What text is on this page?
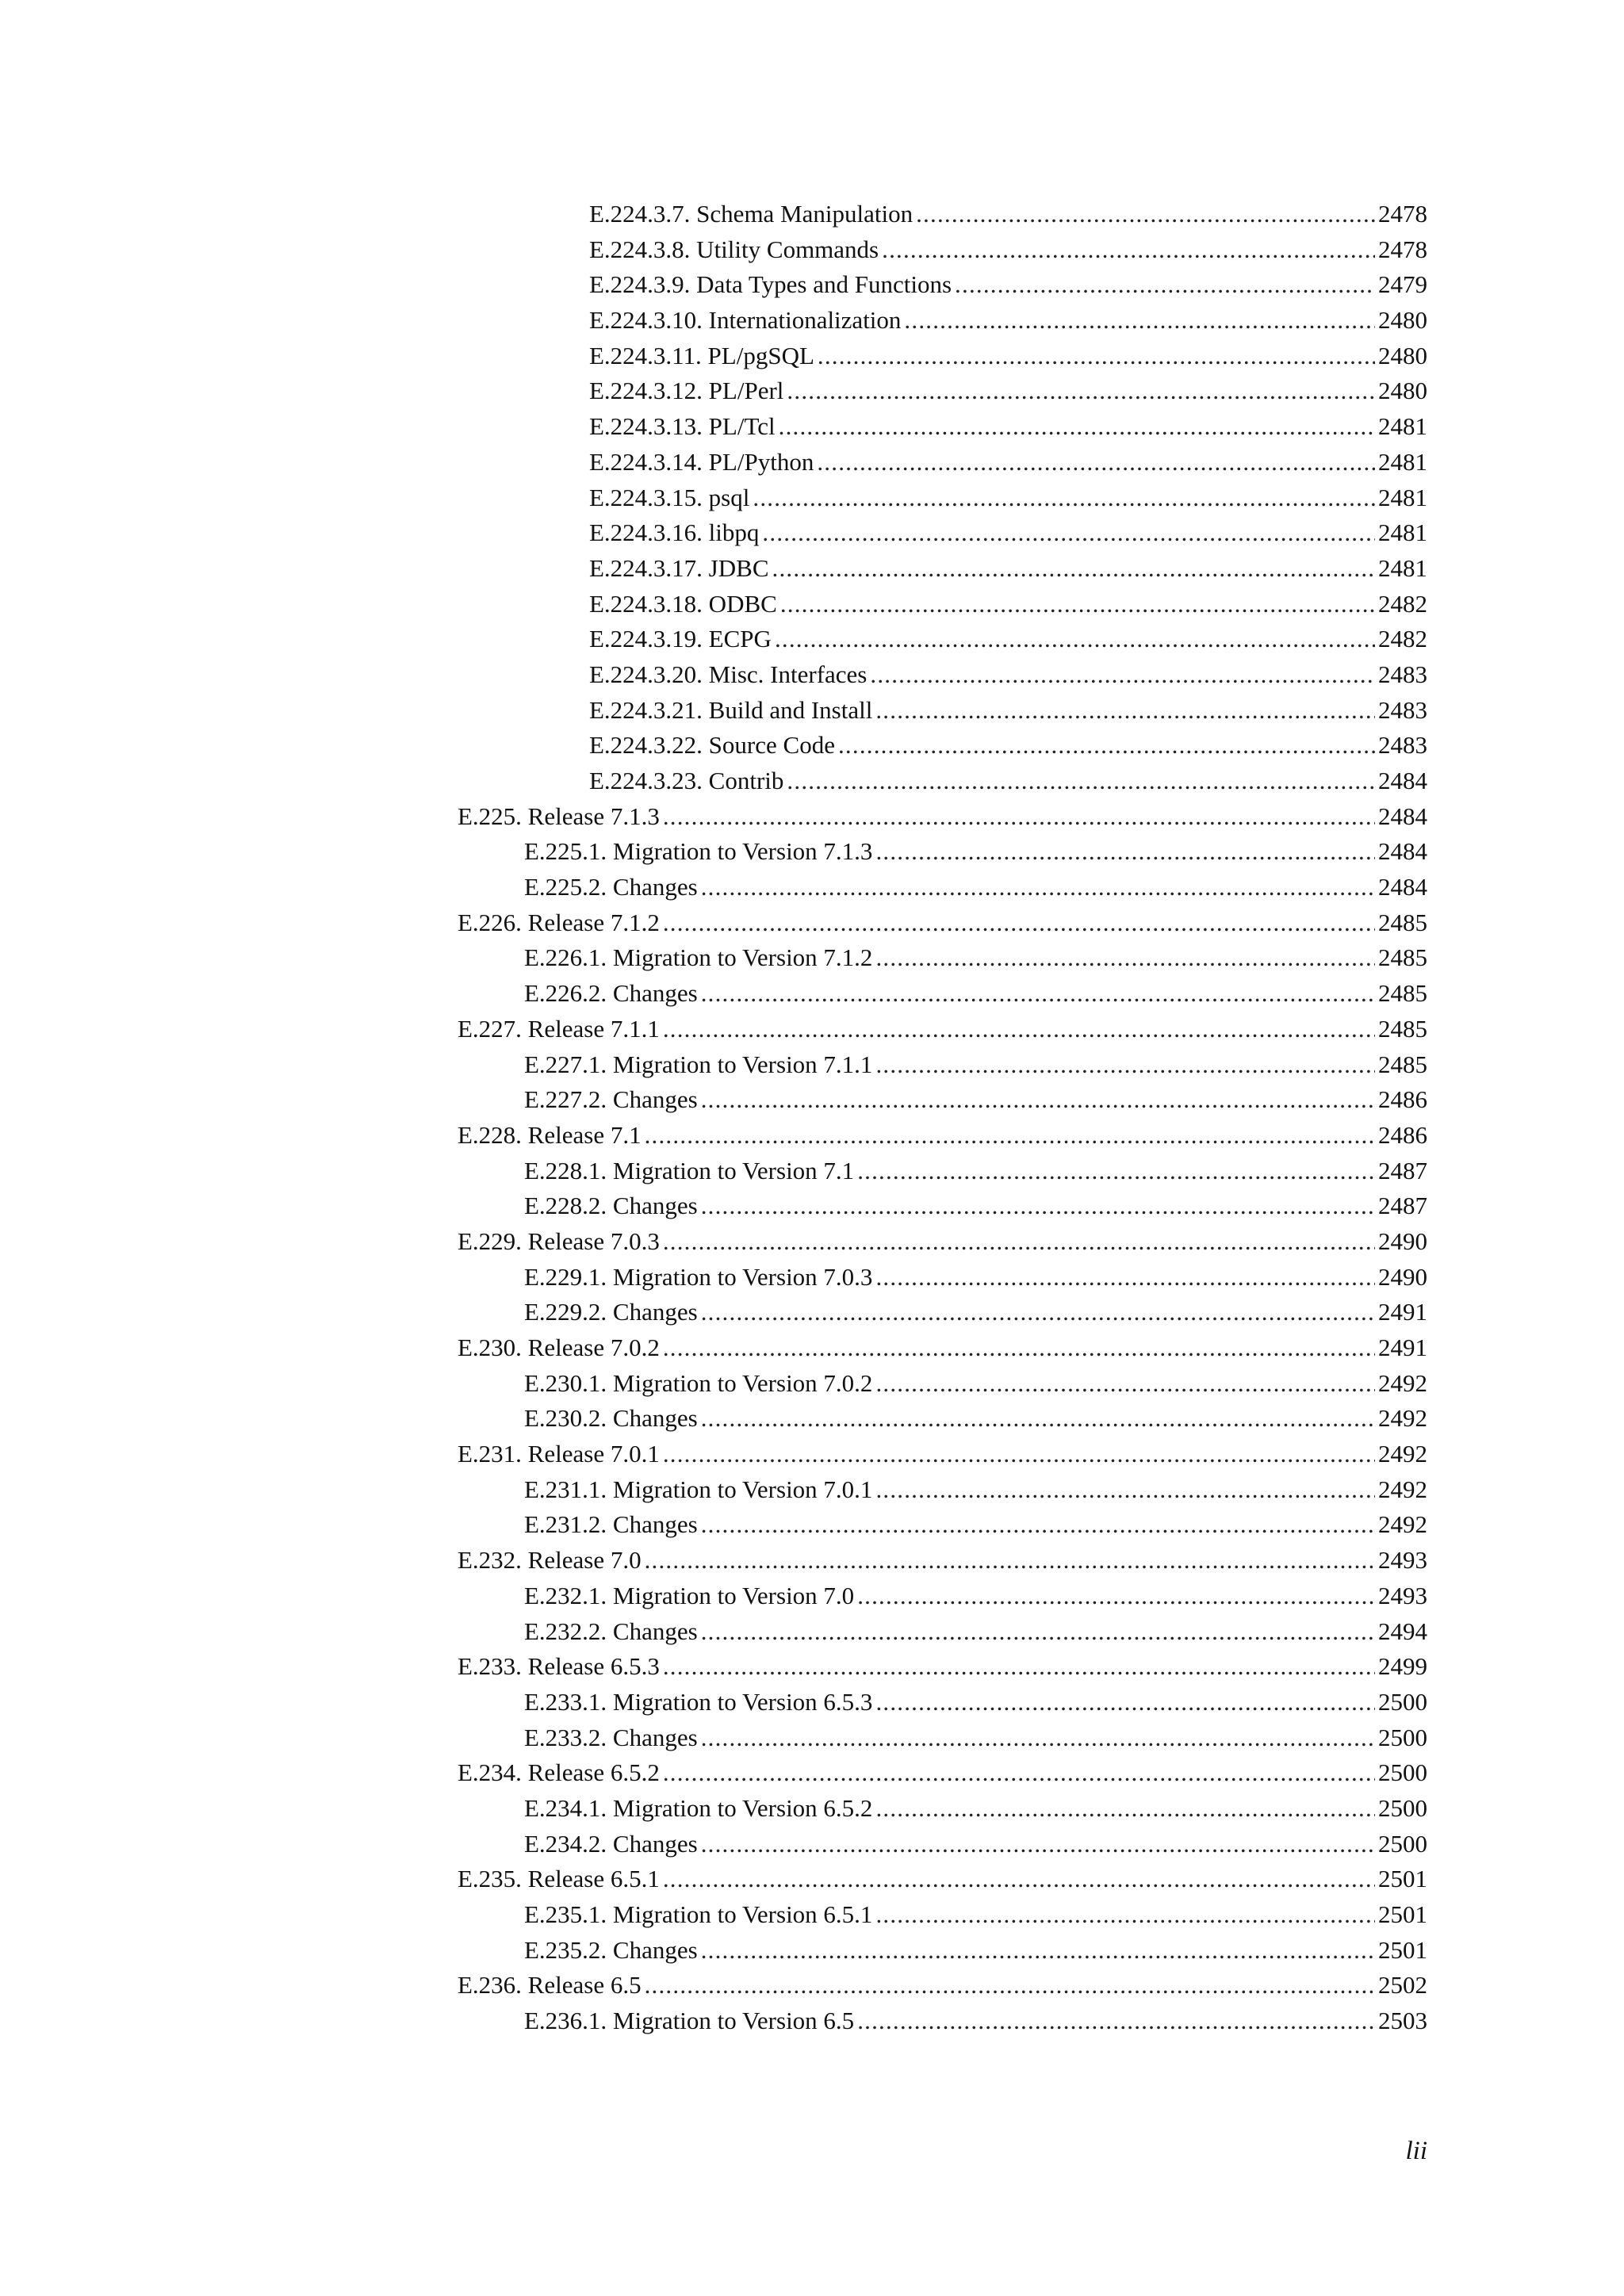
E.224.3.7. Schema Manipulation .....	2478
E.224.3.8. Utility Commands .....	2478
E.224.3.9. Data Types and Functions .....	2479
E.224.3.10. Internationalization .....	2480
E.224.3.11. PL/pgSQL .....	2480
E.224.3.12. PL/Perl .....	2480
E.224.3.13. PL/Tcl .....	2481
E.224.3.14. PL/Python .....	2481
E.224.3.15. psql .....	2481
E.224.3.16. libpq .....	2481
E.224.3.17. JDBC .....	2481
E.224.3.18. ODBC .....	2482
E.224.3.19. ECPG .....	2482
E.224.3.20. Misc. Interfaces .....	2483
E.224.3.21. Build and Install .....	2483
E.224.3.22. Source Code .....	2483
E.224.3.23. Contrib .....	2484
E.225. Release 7.1.3 .....	2484
E.225.1. Migration to Version 7.1.3 .....	2484
E.225.2. Changes .....	2484
E.226. Release 7.1.2 .....	2485
E.226.1. Migration to Version 7.1.2 .....	2485
E.226.2. Changes .....	2485
E.227. Release 7.1.1 .....	2485
E.227.1. Migration to Version 7.1.1 .....	2485
E.227.2. Changes .....	2486
E.228. Release 7.1 .....	2486
E.228.1. Migration to Version 7.1 .....	2487
E.228.2. Changes .....	2487
E.229. Release 7.0.3 .....	2490
E.229.1. Migration to Version 7.0.3 .....	2490
E.229.2. Changes .....	2491
E.230. Release 7.0.2 .....	2491
E.230.1. Migration to Version 7.0.2 .....	2492
E.230.2. Changes .....	2492
E.231. Release 7.0.1 .....	2492
E.231.1. Migration to Version 7.0.1 .....	2492
E.231.2. Changes .....	2492
E.232. Release 7.0 .....	2493
E.232.1. Migration to Version 7.0 .....	2493
E.232.2. Changes .....	2494
E.233. Release 6.5.3 .....	2499
E.233.1. Migration to Version 6.5.3 .....	2500
E.233.2. Changes .....	2500
E.234. Release 6.5.2 .....	2500
E.234.1. Migration to Version 6.5.2 .....	2500
E.234.2. Changes .....	2500
E.235. Release 6.5.1 .....	2501
E.235.1. Migration to Version 6.5.1 .....	2501
E.235.2. Changes .....	2501
E.236. Release 6.5 .....	2502
E.236.1. Migration to Version 6.5 .....	2503
lii
